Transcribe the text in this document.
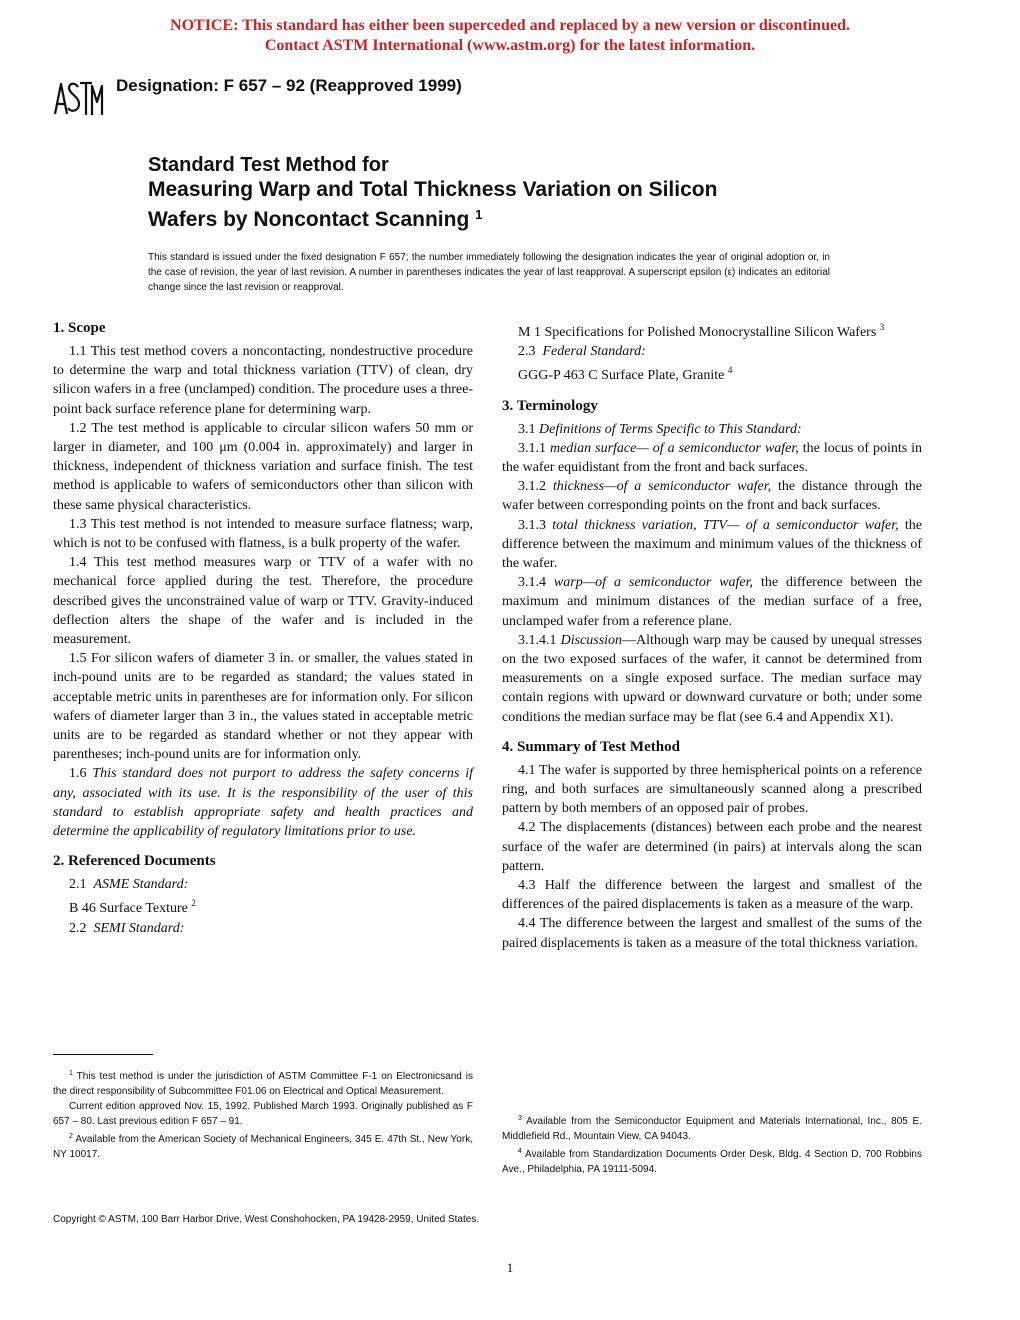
NOTICE: This standard has either been superceded and replaced by a new version or discontinued.
Contact ASTM International (www.astm.org) for the latest information.
Designation: F 657 – 92 (Reapproved 1999)
Standard Test Method for
Measuring Warp and Total Thickness Variation on Silicon
Wafers by Noncontact Scanning $^1$
This standard is issued under the fixed designation F 657; the number immediately following the designation indicates the year of original adoption or, in the case of revision, the year of last revision. A number in parentheses indicates the year of last reapproval. A superscript epsilon (ε) indicates an editorial change since the last revision or reapproval.
1. Scope

1.1 This test method covers a noncontacting, nondestructive procedure to determine the warp and total thickness variation (TTV) of clean, dry silicon wafers in a free (unclamped) condition. The procedure uses a three-point back surface reference plane for determining warp.

1.2 The test method is applicable to circular silicon wafers 50 mm or larger in diameter, and 100 μm (0.004 in. approximately) and larger in thickness, independent of thickness variation and surface finish. The test method is applicable to wafers of semiconductors other than silicon with these same physical characteristics.

1.3 This test method is not intended to measure surface flatness; warp, which is not to be confused with flatness, is a bulk property of the wafer.

1.4 This test method measures warp or TTV of a wafer with no mechanical force applied during the test. Therefore, the procedure described gives the unconstrained value of warp or TTV. Gravity-induced deflection alters the shape of the wafer and is included in the measurement.

1.5 For silicon wafers of diameter 3 in. or smaller, the values stated in inch-pound units are to be regarded as standard; the values stated in acceptable metric units in parentheses are for information only. For silicon wafers of diameter larger than 3 in., the values stated in acceptable metric units are to be regarded as standard whether or not they appear with parentheses; inch-pound units are for information only.

1.6 This standard does not purport to address the safety concerns if any, associated with its use. It is the responsibility of the user of this standard to establish appropriate safety and health practices and determine the applicability of regulatory limitations prior to use.

2. Referenced Documents

2.1 ASME Standard:

B 46 Surface Texture $^2$

2.2 SEMI Standard:

M 1 Specifications for Polished Monocrystalline Silicon Wafers $^3$

2.3 Federal Standard:

GGG-P 463 C Surface Plate, Granite $^4$

3. Terminology

3.1 Definitions of Terms Specific to This Standard:

3.1.1 median surface— of a semiconductor wafer, the locus of points in the wafer equidistant from the front and back surfaces.

3.1.2 thickness—of a semiconductor wafer, the distance through the wafer between corresponding points on the front and back surfaces.

3.1.3 total thickness variation, TTV— of a semiconductor wafer, the difference between the maximum and minimum values of the thickness of the wafer.

3.1.4 warp—of a semiconductor wafer, the difference between the maximum and minimum distances of the median surface of a free, unclamped wafer from a reference plane.

3.1.4.1 Discussion—Although warp may be caused by unequal stresses on the two exposed surfaces of the wafer, it cannot be determined from measurements on a single exposed surface. The median surface may contain regions with upward or downward curvature or both; under some conditions the median surface may be flat (see 6.4 and Appendix X1).

4. Summary of Test Method

4.1 The wafer is supported by three hemispherical points on a reference ring, and both surfaces are simultaneously scanned along a prescribed pattern by both members of an opposed pair of probes.

4.2 The displacements (distances) between each probe and the nearest surface of the wafer are determined (in pairs) at intervals along the scan pattern.

4.3 Half the difference between the largest and smallest of the differences of the paired displacements is taken as a measure of the warp.

4.4 The difference between the largest and smallest of the sums of the paired displacements is taken as a measure of the total thickness variation.

$^1$ This test method is under the jurisdiction of ASTM Committee F-1 on Electronicsand is the direct responsibility of Subcommittee F01.06 on Electrical and Optical Measurement.

Current edition approved Nov. 15, 1992. Published March 1993. Originally published as F 657 – 80. Last previous edition F 657 – 91.

$^2$ Available from the American Society of Mechanical Engineers, 345 E. 47th St., New York, NY 10017.

$^3$ Available from the Semiconductor Equipment and Materials International, Inc., 805 E. Middlefield Rd., Mountain View, CA 94043.

$^4$ Available from Standardization Documents Order Desk, Bldg. 4 Section D, 700 Robbins Ave., Philadelphia, PA 19111-5094.

Copyright © ASTM, 100 Barr Harbor Drive, West Conshohocken, PA 19428-2959, United States.
1
